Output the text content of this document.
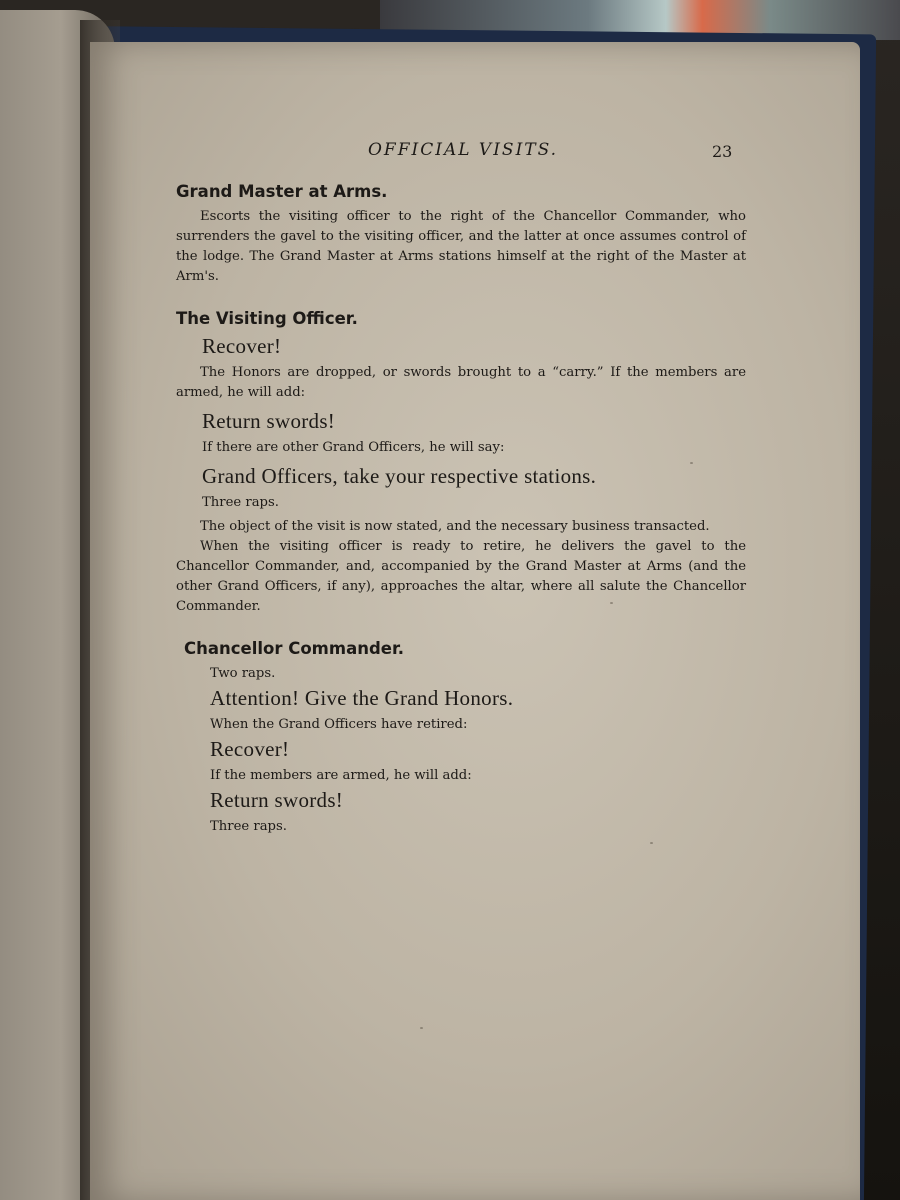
OFFICIAL VISITS.	23
Grand Master at Arms.

Escorts the visiting officer to the right of the Chancellor Commander, who surrenders the gavel to the visiting officer, and the latter at once assumes control of the lodge. The Grand Master at Arms stations himself at the right of the Master at Arm's.

The Visiting Officer.
Recover!

The Honors are dropped, or swords brought to a “carry.” If the members are armed, he will add:

Return swords!

If there are other Grand Officers, he will say:

Grand Officers, take your respective stations.

Three raps.

The object of the visit is now stated, and the necessary business transacted.

When the visiting officer is ready to retire, he delivers the gavel to the Chancellor Commander, and, accompanied by the Grand Master at Arms (and the other Grand Officers, if any), approaches the altar, where all salute the Chancellor Commander.

Chancellor Commander.

Two raps.

Attention! Give the Grand Honors.

When the Grand Officers have retired:

Recover!

If the members are armed, he will add:

Return swords!

Three raps.
